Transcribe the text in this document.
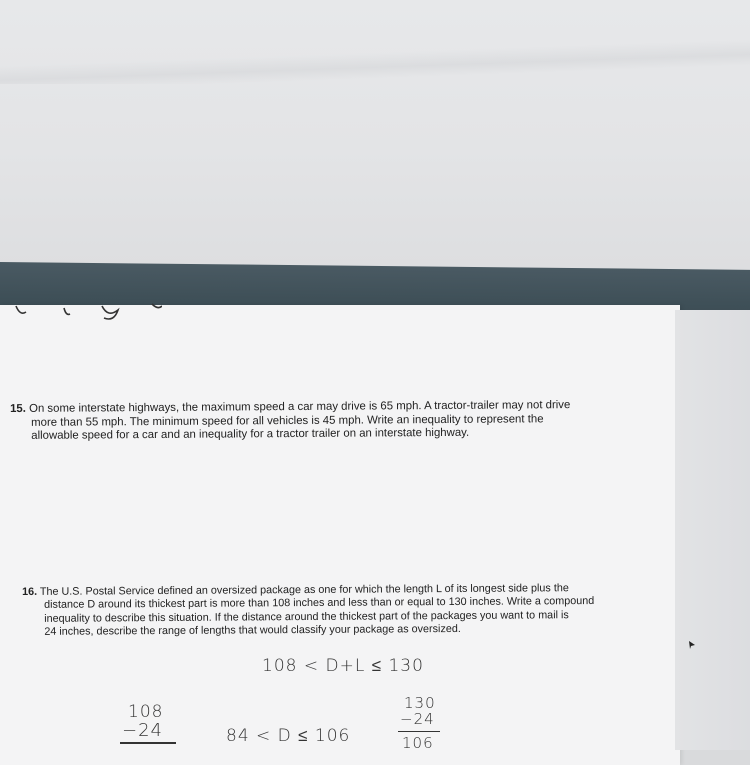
15. On some interstate highways, the maximum speed a car may drive is 65 mph. A tractor-trailer may not drive
more than 55 mph. The minimum speed for all vehicles is 45 mph. Write an inequality to represent the
allowable speed for a car and an inequality for a tractor trailer on an interstate highway.
16. The U.S. Postal Service defined an oversized package as one for which the length L of its longest side plus the
distance D around its thickest part is more than 108 inches and less than or equal to 130 inches. Write a compound
inequality to describe this situation. If the distance around the thickest part of the packages you want to mail is
24 inches, describe the range of lengths that would classify your package as oversized.
108 < D+L ≤ 130
108
−24	84 < D ≤ 106
130
−24
106
